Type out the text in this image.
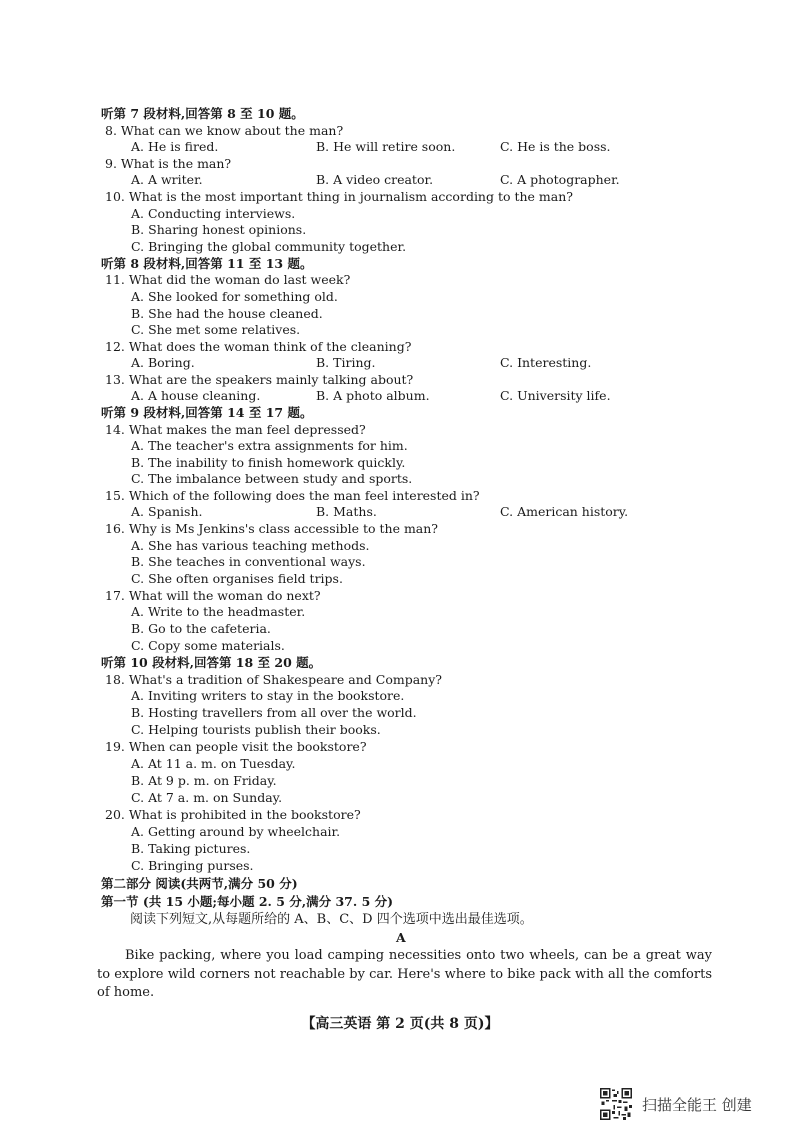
听第 7 段材料,回答第 8 至 10 题。
8. What can we know about the man?
A. He is fired.	B. He will retire soon.	C. He is the boss.
9. What is the man?
A. A writer.	B. A video creator.	C. A photographer.
10. What is the most important thing in journalism according to the man?
A. Conducting interviews.
B. Sharing honest opinions.
C. Bringing the global community together.
听第 8 段材料,回答第 11 至 13 题。
11. What did the woman do last week?
A. She looked for something old.
B. She had the house cleaned.
C. She met some relatives.
12. What does the woman think of the cleaning?
A. Boring.	B. Tiring.	C. Interesting.
13. What are the speakers mainly talking about?
A. A house cleaning.	B. A photo album.	C. University life.
听第 9 段材料,回答第 14 至 17 题。
14. What makes the man feel depressed?
A. The teacher's extra assignments for him.
B. The inability to finish homework quickly.
C. The imbalance between study and sports.
15. Which of the following does the man feel interested in?
A. Spanish.	B. Maths.	C. American history.
16. Why is Ms Jenkins's class accessible to the man?
A. She has various teaching methods.
B. She teaches in conventional ways.
C. She often organises field trips.
17. What will the woman do next?
A. Write to the headmaster.
B. Go to the cafeteria.
C. Copy some materials.
听第 10 段材料,回答第 18 至 20 题。
18. What's a tradition of Shakespeare and Company?
A. Inviting writers to stay in the bookstore.
B. Hosting travellers from all over the world.
C. Helping tourists publish their books.
19. When can people visit the bookstore?
A. At 11 a. m. on Tuesday.
B. At 9 p. m. on Friday.
C. At 7 a. m. on Sunday.
20. What is prohibited in the bookstore?
A. Getting around by wheelchair.
B. Taking pictures.
C. Bringing purses.
第二部分 阅读(共两节,满分 50 分)
第一节 (共 15 小题;每小题 2. 5 分,满分 37. 5 分)
阅读下列短文,从每题所给的 A、B、C、D 四个选项中选出最佳选项。
A
Bike packing, where you load camping necessities onto two wheels, can be a great way to explore wild corners not reachable by car. Here's where to bike pack with all the comforts of home.
【高三英语 第 2 页(共 8 页)】
扫描全能王 创建
